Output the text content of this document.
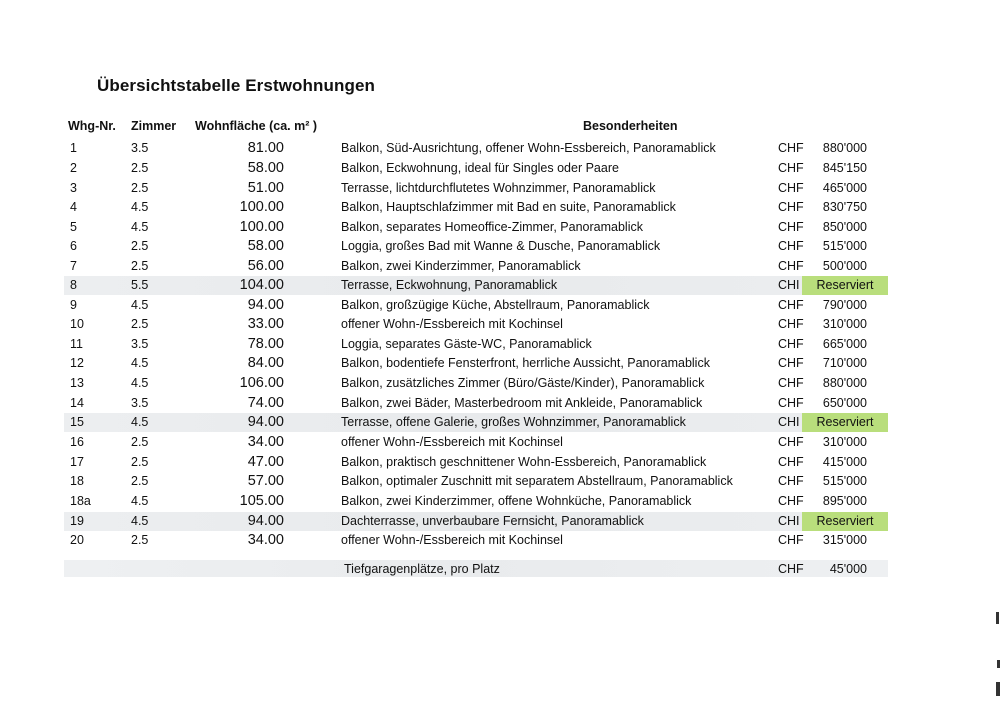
Übersichtstabelle Erstwohnungen
Whg-Nr. Zimmer Wohnfläche (ca. m² )	Besonderheiten
1	3.5	81.00	Balkon, Süd-Ausrichtung, offener Wohn-Essbereich, Panoramablick	CHF 880'000
2	2.5	58.00	Balkon, Eckwohnung, ideal für Singles oder Paare	CHF 845'150
3	2.5	51.00	Terrasse, lichtdurchflutetes Wohnzimmer, Panoramablick	CHF 465'000
4	4.5	100.00	Balkon, Hauptschlafzimmer mit Bad en suite, Panoramablick	CHF 830'750
5	4.5	100.00	Balkon, separates Homeoffice-Zimmer, Panoramablick	CHF 850'000
6	2.5	58.00	Loggia, großes Bad mit Wanne & Dusche, Panoramablick	CHF 515'000
7	2.5	56.00	Balkon, zwei Kinderzimmer, Panoramablick	CHF 500'000
8	5.5	104.00	Terrasse, Eckwohnung, Panoramablick	CHI	Reserviert
9	4.5	94.00	Balkon, großzügige Küche, Abstellraum, Panoramablick	CHF 790'000
10	2.5	33.00	offener Wohn-/Essbereich mit Kochinsel	CHF 310'000
11	3.5	78.00	Loggia, separates Gäste-WC, Panoramablick	CHF 665'000
12	4.5	84.00	Balkon, bodentiefe Fensterfront, herrliche Aussicht, Panoramablick	CHF 710'000
13	4.5	106.00	Balkon, zusätzliches Zimmer (Büro/Gäste/Kinder), Panoramablick	CHF 880'000
14	3.5	74.00	Balkon, zwei Bäder, Masterbedroom mit Ankleide, Panoramablick	CHF 650'000
15	4.5	94.00	Terrasse, offene Galerie, großes Wohnzimmer, Panoramablick	CHI	Reserviert
16	2.5	34.00	offener Wohn-/Essbereich mit Kochinsel	CHF 310'000
17	2.5	47.00	Balkon, praktisch geschnittener Wohn-Essbereich, Panoramablick	CHF 415'000
18	2.5	57.00	Balkon, optimaler Zuschnitt mit separatem Abstellraum, Panoramablick	CHF 515'000
18a	4.5	105.00	Balkon, zwei Kinderzimmer, offene Wohnküche, Panoramablick	CHF 895'000
19	4.5	94.00	Dachterrasse, unverbaubare Fernsicht, Panoramablick	CHI	Reserviert
20	2.5	34.00	offener Wohn-/Essbereich mit Kochinsel	CHF 315'000
Tiefgaragenplätze, pro Platz	CHF 45'000
